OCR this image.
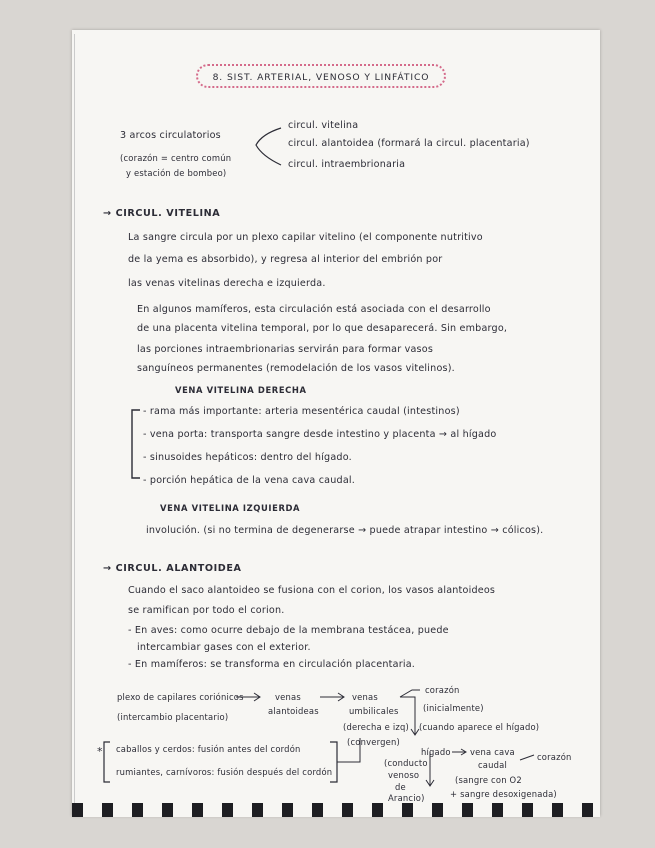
8. SIST. ARTERIAL, VENOSO Y LINFÁTICO
3 arcos circulatorios
(corazón = centro común
y estación de bombeo)
circul. vitelina
circul. alantoidea (formará la circul. placentaria)
circul. intraembrionaria
→ CIRCUL. VITELINA
La sangre circula por un plexo capilar vitelino (el componente nutritivo
de la yema es absorbido), y regresa al interior del embrión por
las venas vitelinas derecha e izquierda.
En algunos mamíferos, esta circulación está asociada con el desarrollo
de una placenta vitelina temporal, por lo que desaparecerá. Sin embargo,
las porciones intraembrionarias servirán para formar vasos
sanguíneos permanentes (remodelación de los vasos vitelinos).
VENA VITELINA DERECHA
- rama más importante: arteria mesentérica caudal (intestinos)
- vena porta: transporta sangre desde intestino y placenta → al hígado
- sinusoides hepáticos: dentro del hígado.
- porción hepática de la vena cava caudal.
VENA VITELINA IZQUIERDA
involución. (si no termina de degenerarse → puede atrapar intestino → cólicos).
→ CIRCUL. ALANTOIDEA
Cuando el saco alantoideo se fusiona con el corion, los vasos alantoideos
se ramifican por todo el corion.
- En aves: como ocurre debajo de la membrana testácea, puede
intercambiar gases con el exterior.
- En mamíferos: se transforma en circulación placentaria.
plexo de capilares coriónicos
(intercambio placentario)
venas
alantoideas
venas
umbilicales
(derecha e izq)
(convergen)
corazón
(inicialmente)
(cuando aparece el hígado)
hígado
(conducto
venoso
de
Arancio)
vena cava
caudal
corazón
(sangre con O2
+ sangre desoxigenada)
* caballos y cerdos: fusión antes del cordón
rumiantes, carnívoros: fusión después del cordón
